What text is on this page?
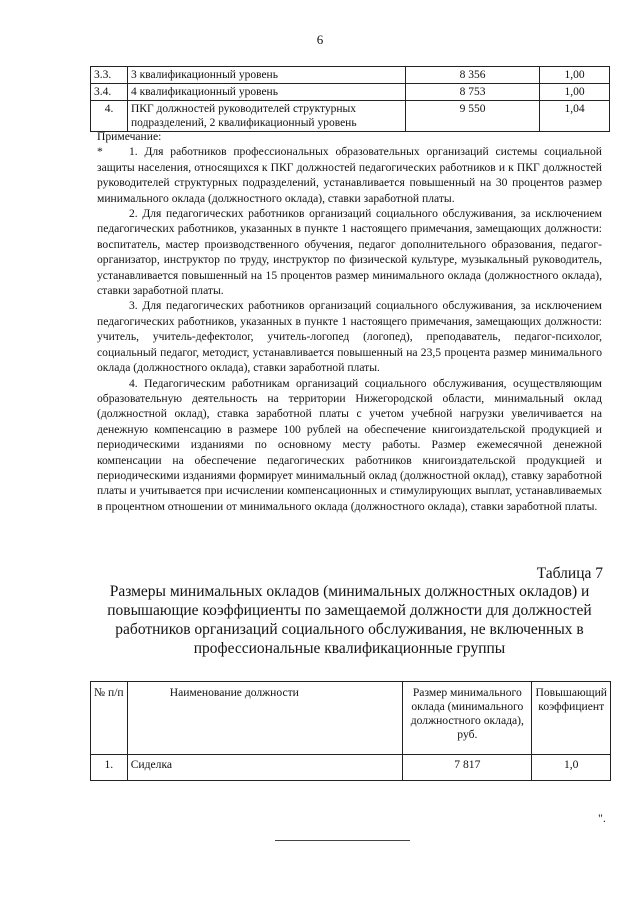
6
3.3.	3 квалификационный уровень	8 356	1,00
3.4.	4 квалификационный уровень	8 753	1,00
4.	ПКГ должностей руководителей структурных подразделений, 2 квалификационный уровень	9 550	1,04

Примечание:

* 1. Для работников профессиональных образовательных организаций системы социальной защиты населения, относящихся к ПКГ должностей педагогических работников и к ПКГ должностей руководителей структурных подразделений, устанавливается повышенный на 30 процентов размер минимального оклада (должностного оклада), ставки заработной платы.

2. Для педагогических работников организаций социального обслуживания, за исключением педагогических работников, указанных в пункте 1 настоящего примечания, замещающих должности: воспитатель, мастер производственного обучения, педагог дополнительного образования, педагог-организатор, инструктор по труду, инструктор по физической культуре, музыкальный руководитель, устанавливается повышенный на 15 процентов размер минимального оклада (должностного оклада), ставки заработной платы.

3. Для педагогических работников организаций социального обслуживания, за исключением педагогических работников, указанных в пункте 1 настоящего примечания, замещающих должности: учитель, учитель-дефектолог, учитель-логопед (логопед), преподаватель, педагог-психолог, социальный педагог, методист, устанавливается повышенный на 23,5 процента размер минимального оклада (должностного оклада), ставки заработной платы.

4. Педагогическим работникам организаций социального обслуживания, осуществляющим образовательную деятельность на территории Нижегородской области, минимальный оклад (должностной оклад), ставка заработной платы с учетом учебной нагрузки увеличивается на денежную компенсацию в размере 100 рублей на обеспечение книгоиздательской продукцией и периодическими изданиями по основному месту работы. Размер ежемесячной денежной компенсации на обеспечение педагогических работников книгоиздательской продукцией и периодическими изданиями формирует минимальный оклад (должностной оклад), ставку заработной платы и учитывается при исчислении компенсационных и стимулирующих выплат, устанавливаемых в процентном отношении от минимального оклада (должностного оклада), ставки заработной платы.

Таблица 7
Размеры минимальных окладов (минимальных должностных окладов) и повышающие коэффициенты по замещаемой должности для должностей работников организаций социального обслуживания, не включенных в профессиональные квалификационные группы
№ п/п	Наименование должности	Размер минимального оклада (минимального должностного оклада), руб.	Повышающий коэффициент
1.	Сиделка	7 817	1,0
".
